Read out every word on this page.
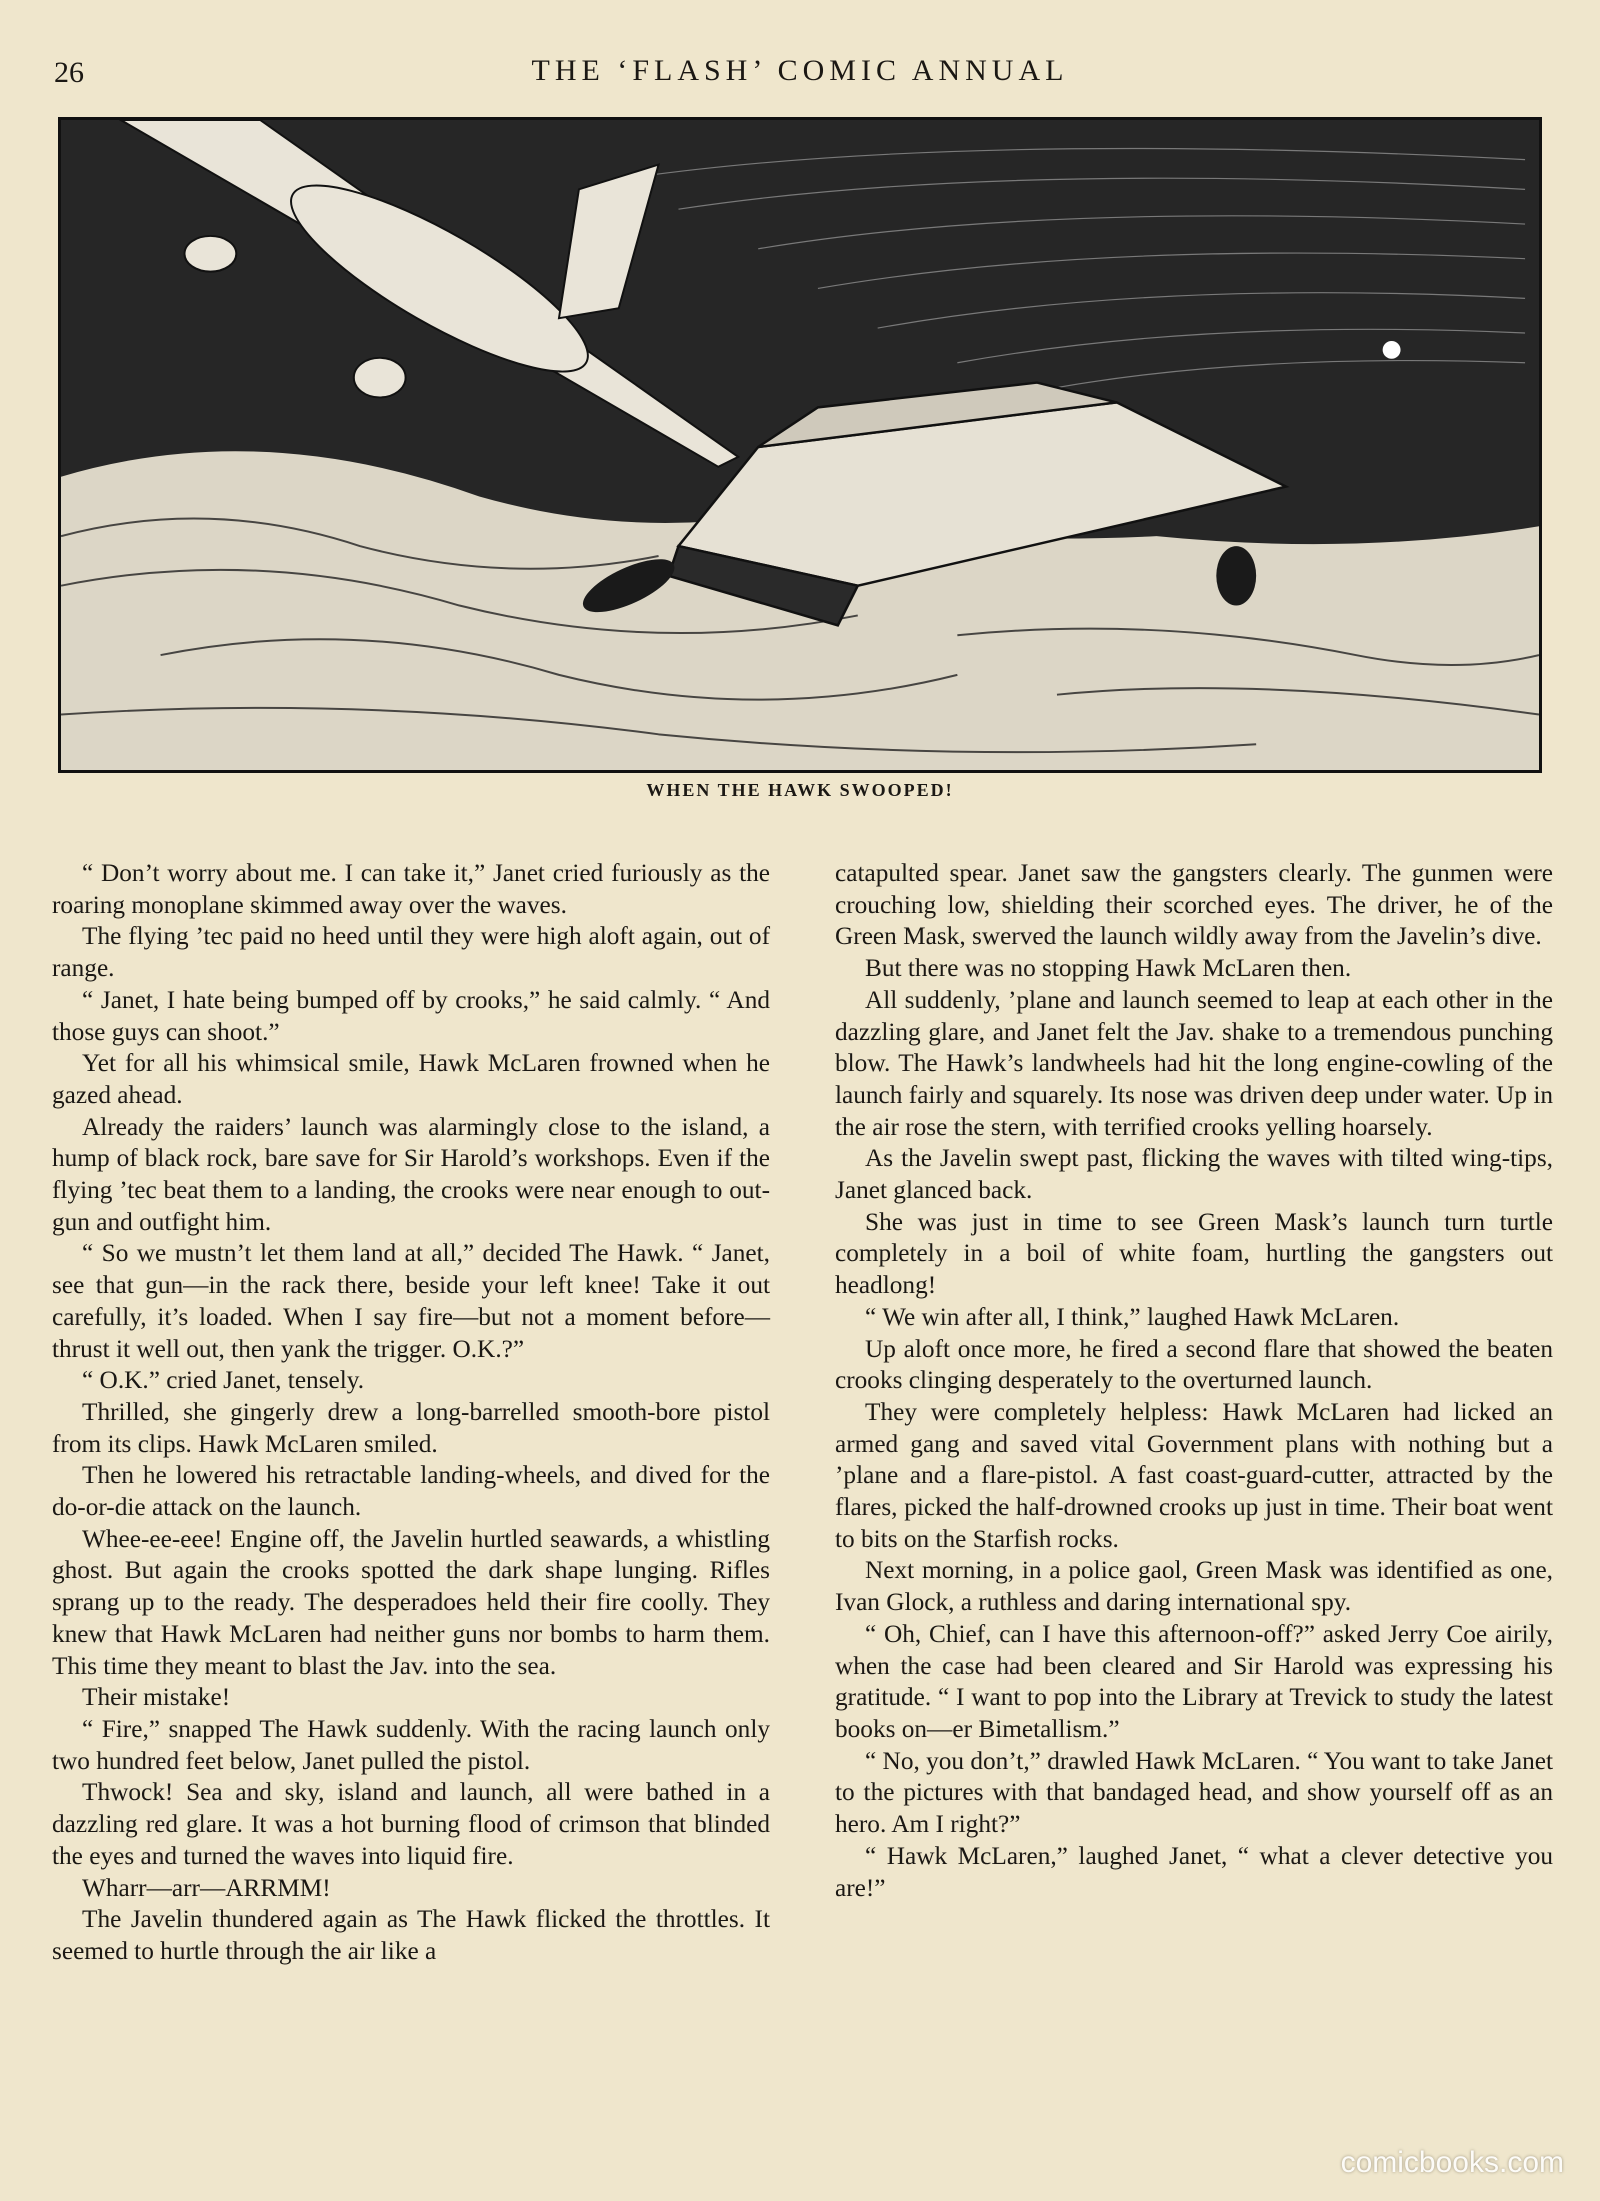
26	THE ‘FLASH’ COMIC ANNUAL
WHEN THE HAWK SWOOPED!

“ Don’t worry about me. I can take it,” Janet cried furiously as the roaring monoplane skimmed away over the waves.

The flying ’tec paid no heed until they were high aloft again, out of range.

“ Janet, I hate being bumped off by crooks,” he said calmly. “ And those guys can shoot.”

Yet for all his whimsical smile, Hawk McLaren frowned when he gazed ahead.

Already the raiders’ launch was alarmingly close to the island, a hump of black rock, bare save for Sir Harold’s workshops. Even if the flying ’tec beat them to a landing, the crooks were near enough to out-gun and outfight him.

“ So we mustn’t let them land at all,” decided The Hawk. “ Janet, see that gun—in the rack there, beside your left knee! Take it out carefully, it’s loaded. When I say fire—but not a moment before—thrust it well out, then yank the trigger. O.K.?”

“ O.K.” cried Janet, tensely.

Thrilled, she gingerly drew a long-barrelled smooth-bore pistol from its clips. Hawk McLaren smiled.

Then he lowered his retractable landing-wheels, and dived for the do-or-die attack on the launch.

Whee-ee-eee! Engine off, the Javelin hurtled seawards, a whistling ghost. But again the crooks spotted the dark shape lunging. Rifles sprang up to the ready. The desperadoes held their fire coolly. They knew that Hawk McLaren had neither guns nor bombs to harm them. This time they meant to blast the Jav. into the sea.

Their mistake!

“ Fire,” snapped The Hawk suddenly. With the racing launch only two hundred feet below, Janet pulled the pistol.

Thwock! Sea and sky, island and launch, all were bathed in a dazzling red glare. It was a hot burning flood of crimson that blinded the eyes and turned the waves into liquid fire.

Wharr—arr—ARRMM!

The Javelin thundered again as The Hawk flicked the throttles. It seemed to hurtle through the air like a

catapulted spear. Janet saw the gangsters clearly. The gunmen were crouching low, shielding their scorched eyes. The driver, he of the Green Mask, swerved the launch wildly away from the Javelin’s dive.

But there was no stopping Hawk McLaren then.

All suddenly, ’plane and launch seemed to leap at each other in the dazzling glare, and Janet felt the Jav. shake to a tremendous punching blow. The Hawk’s landwheels had hit the long engine-cowling of the launch fairly and squarely. Its nose was driven deep under water. Up in the air rose the stern, with terrified crooks yelling hoarsely.

As the Javelin swept past, flicking the waves with tilted wing-tips, Janet glanced back.

She was just in time to see Green Mask’s launch turn turtle completely in a boil of white foam, hurtling the gangsters out headlong!

“ We win after all, I think,” laughed Hawk McLaren.

Up aloft once more, he fired a second flare that showed the beaten crooks clinging desperately to the overturned launch.

They were completely helpless: Hawk McLaren had licked an armed gang and saved vital Government plans with nothing but a ’plane and a flare-pistol. A fast coast-guard-cutter, attracted by the flares, picked the half-drowned crooks up just in time. Their boat went to bits on the Starfish rocks.

Next morning, in a police gaol, Green Mask was identified as one, Ivan Glock, a ruthless and daring international spy.

“ Oh, Chief, can I have this afternoon-off?” asked Jerry Coe airily, when the case had been cleared and Sir Harold was expressing his gratitude. “ I want to pop into the Library at Trevick to study the latest books on—er Bimetallism.”

“ No, you don’t,” drawled Hawk McLaren. “ You want to take Janet to the pictures with that bandaged head, and show yourself off as an hero. Am I right?”

“ Hawk McLaren,” laughed Janet, “ what a clever detective you are!”

comicbooks.com
